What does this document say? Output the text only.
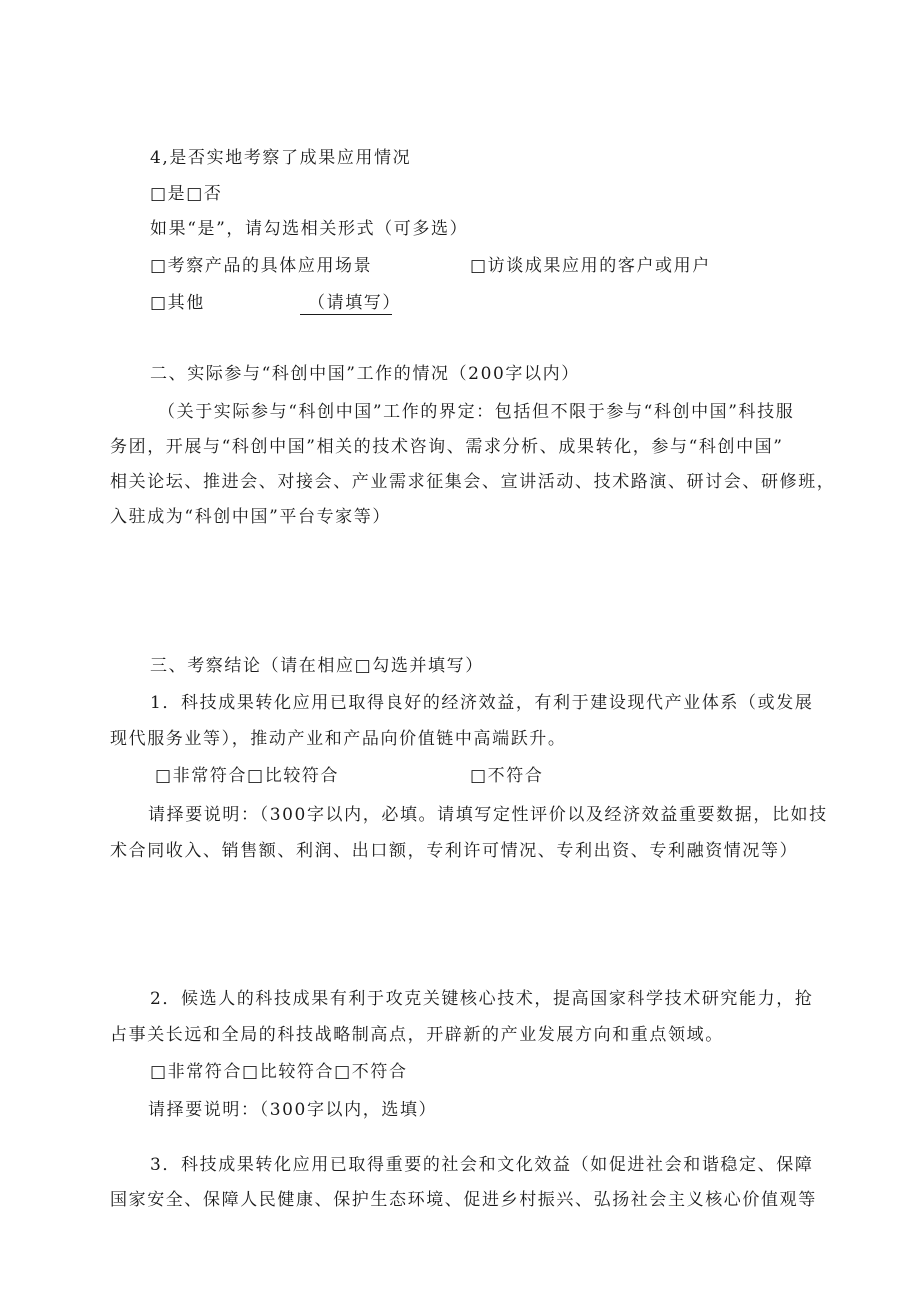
4,是否实地考察了成果应用情况
□是□否
如果“是”，请勾选相关形式（可多选）
□考察产品的具体应用场景	□访谈成果应用的客户或用户
□其他	（请填写）
二、实际参与“科创中国”工作的情况（200字以内）
（关于实际参与“科创中国”工作的界定：包括但不限于参与“科创中国”科技服
务团，开展与“科创中国”相关的技术咨询、需求分析、成果转化，参与“科创中国”
相关论坛、推进会、对接会、产业需求征集会、宣讲活动、技术路演、研讨会、研修班，
入驻成为“科创中国”平台专家等）
三、考察结论（请在相应□勾选并填写）
1．科技成果转化应用已取得良好的经济效益，有利于建设现代产业体系（或发展
现代服务业等），推动产业和产品向价值链中高端跃升。
□非常符合□比较符合	□不符合
请择要说明：（300字以内，必填。请填写定性评价以及经济效益重要数据，比如技
术合同收入、销售额、利润、出口额，专利许可情况、专利出资、专利融资情况等）
2．候选人的科技成果有利于攻克关键核心技术，提高国家科学技术研究能力，抢
占事关长远和全局的科技战略制高点，开辟新的产业发展方向和重点领域。
□非常符合□比较符合□不符合
请择要说明：（300字以内，选填）
3．科技成果转化应用已取得重要的社会和文化效益（如促进社会和谐稳定、保障
国家安全、保障人民健康、保护生态环境、促进乡村振兴、弘扬社会主义核心价值观等
